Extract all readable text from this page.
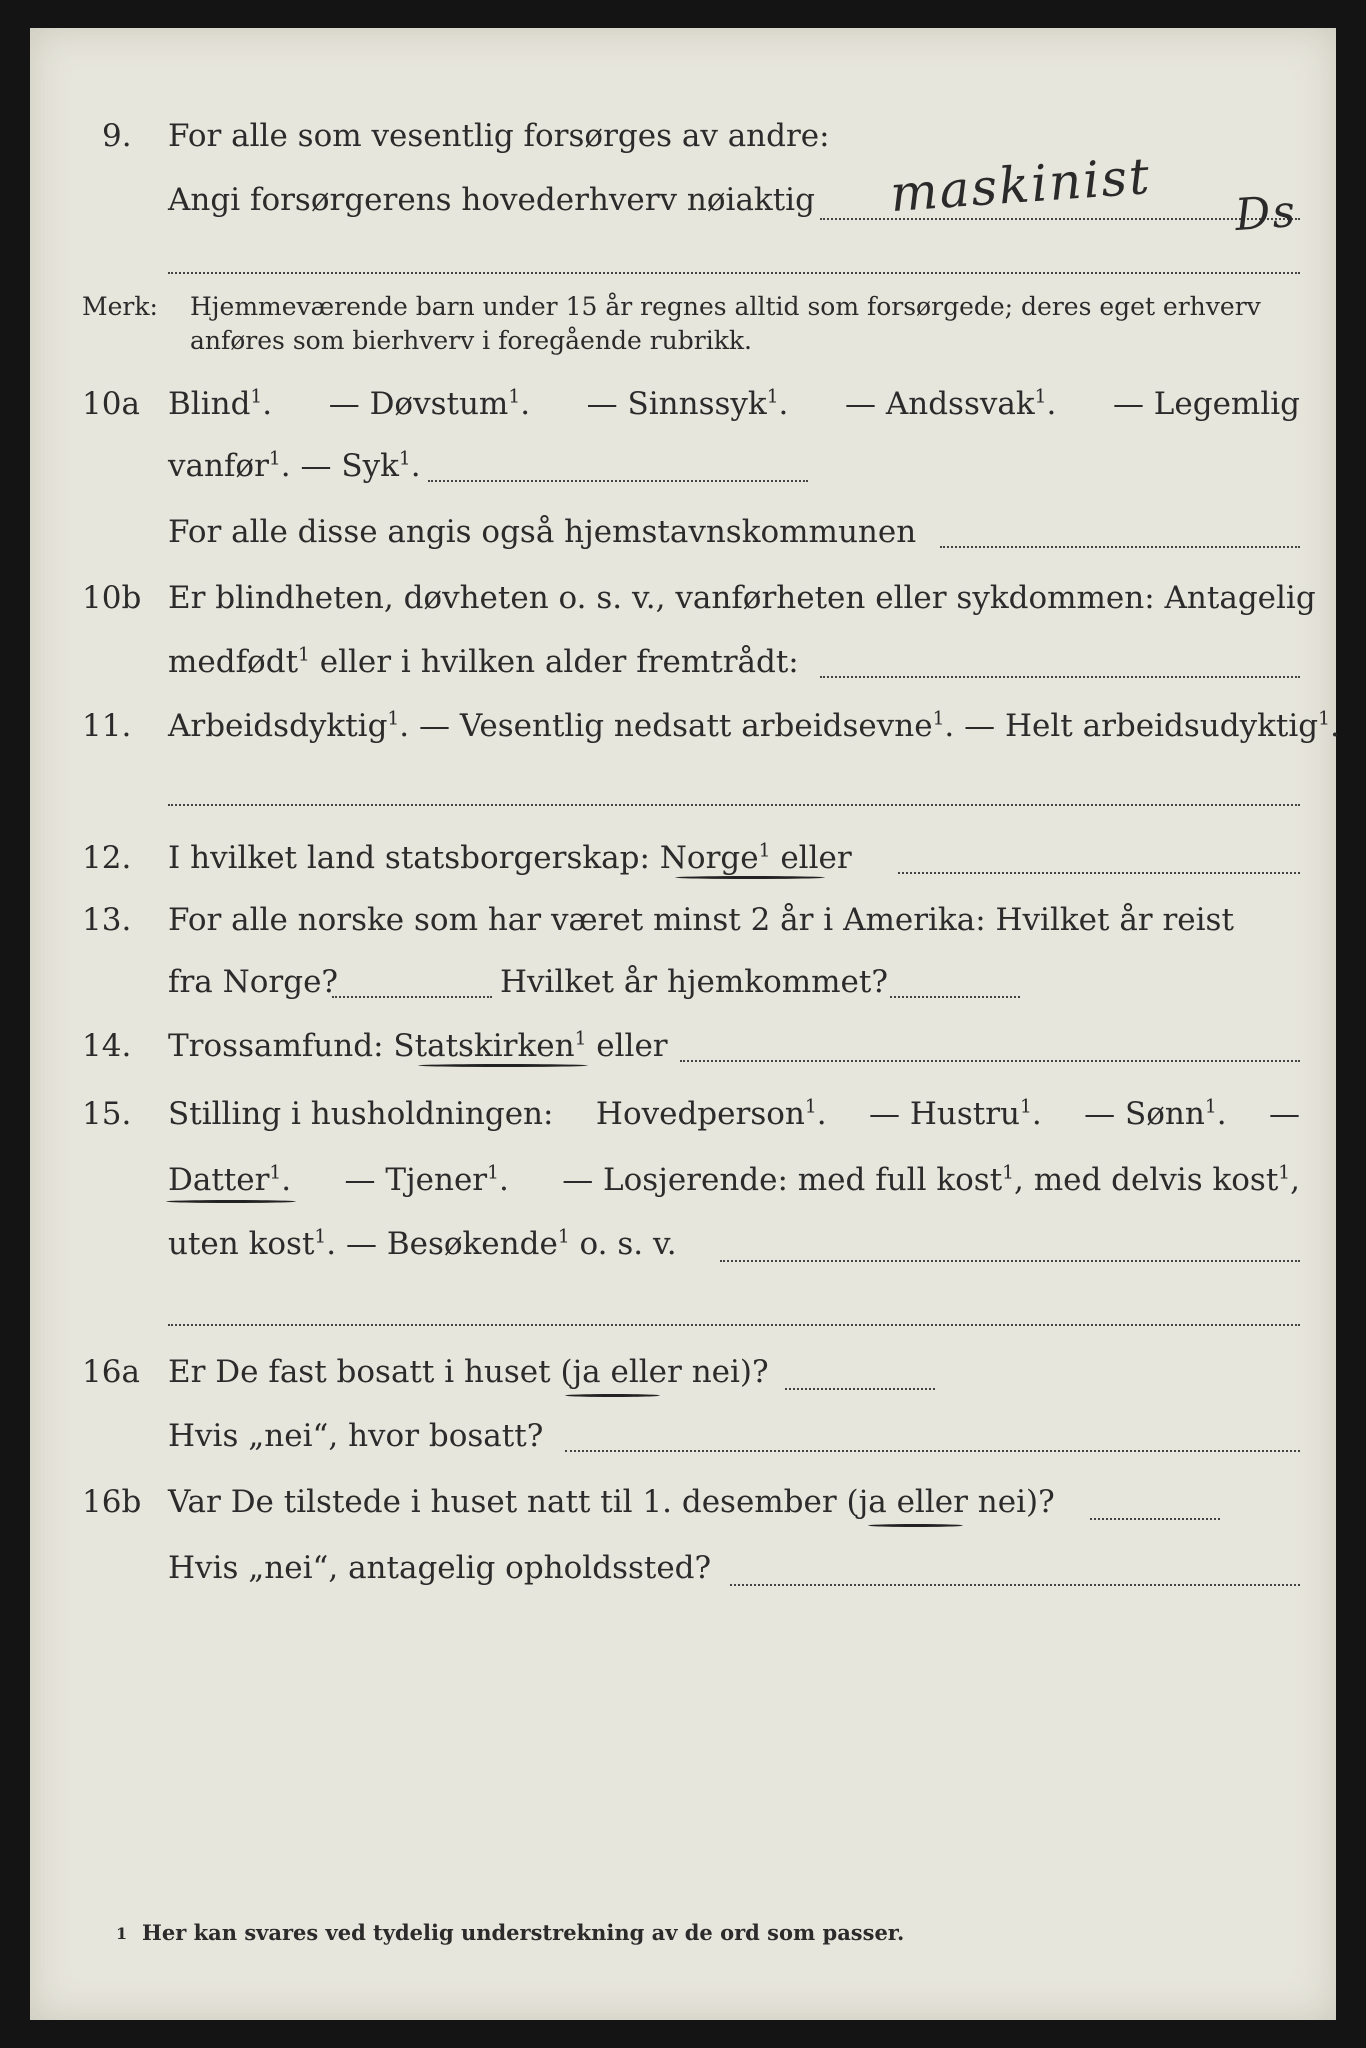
9. For alle som vesentlig forsørges av andre:
Angi forsørgerens hovederhverv nøiaktig maskinist Ds
Merk: Hjemmeværende barn under 15 år regnes alltid som forsørgede; deres eget erhverv
anføres som bierhverv i foregående rubrikk.
10a Blind$^1$. — Døvstum$^1$. — Sinnssyk$^1$. — Andssvak$^1$. — Legemlig
vanfør$^1$. — Syk$^1$.
For alle disse angis også hjemstavnskommunen
10b Er blindheten, døvheten o. s. v., vanførheten eller sykdommen: Antagelig
medfødt$^1$ eller i hvilken alder fremtrådt:
11. Arbeidsdyktig$^1$. — Vesentlig nedsatt arbeidsevne$^1$. — Helt arbeidsudyktig$^1$.
12. I hvilket land statsborgerskap: Norge$^1$ eller
13. For alle norske som har været minst 2 år i Amerika: Hvilket år reist
fra Norge?	Hvilket år hjemkommet?
14. Trossamfund: Statskirken$^1$ eller
15. Stilling i husholdningen: Hovedperson$^1$. — Hustru$^1$. — Sønn$^1$. —
Datter$^1$. — Tjener$^1$. — Losjerende: med full kost$^1$, med delvis kost$^1$,
uten kost$^1$. — Besøkende$^1$ o. s. v.
16a Er De fast bosatt i huset (ja eller nei)?
Hvis „nei“, hvor bosatt?
16b Var De tilstede i huset natt til 1. desember (ja eller nei)?
Hvis „nei“, antagelig opholdssted?
1 Her kan svares ved tydelig understrekning av de ord som passer.
